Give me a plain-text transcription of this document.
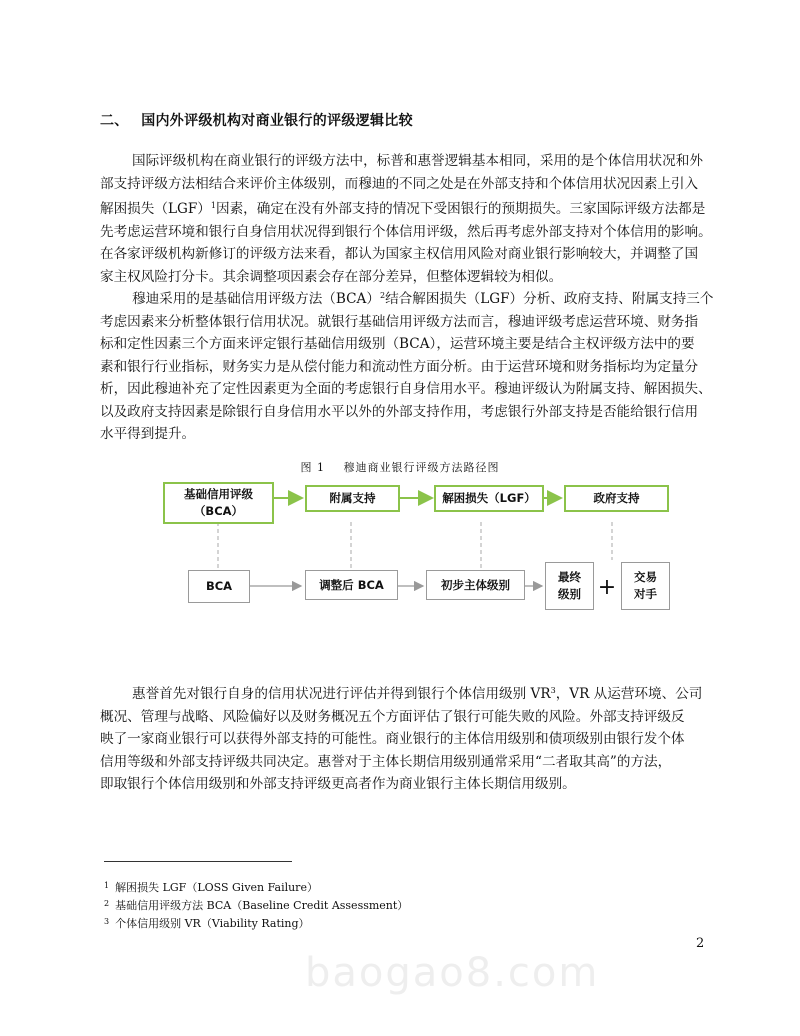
二、 国内外评级机构对商业银行的评级逻辑比较
国际评级机构在商业银行的评级方法中，标普和惠誉逻辑基本相同，采用的是个体信用状况和外
部支持评级方法相结合来评价主体级别，而穆迪的不同之处是在外部支持和个体信用状况因素上引入
解困损失（LGF）$^1$因素，确定在没有外部支持的情况下受困银行的预期损失。三家国际评级方法都是
先考虑运营环境和银行自身信用状况得到银行个体信用评级，然后再考虑外部支持对个体信用的影响。
在各家评级机构新修订的评级方法来看，都认为国家主权信用风险对商业银行影响较大，并调整了国
家主权风险打分卡。其余调整项因素会存在部分差异，但整体逻辑较为相似。
穆迪采用的是基础信用评级方法（BCA）$^2$结合解困损失（LGF）分析、政府支持、附属支持三个
考虑因素来分析整体银行信用状况。就银行基础信用评级方法而言，穆迪评级考虑运营环境、财务指
标和定性因素三个方面来评定银行基础信用级别（BCA），运营环境主要是结合主权评级方法中的要
素和银行行业指标，财务实力是从偿付能力和流动性方面分析。由于运营环境和财务指标均为定量分
析，因此穆迪补充了定性因素更为全面的考虑银行自身信用水平。穆迪评级认为附属支持、解困损失、
以及政府支持因素是除银行自身信用水平以外的外部支持作用，考虑银行外部支持是否能给银行信用
水平得到提升。
图 1 穆迪商业银行评级方法路径图
基础信用评级
（BCA）
附属支持	解困损失（LGF）	政府支持
baogao8.com
BCA	调整后 BCA	初步主体级别
最终
级别 + 交易
对手
惠誉首先对银行自身的信用状况进行评估并得到银行个体信用级别 $VR^3$，VR 从运营环境、公司
概况、管理与战略、风险偏好以及财务概况五个方面评估了银行可能失败的风险。外部支持评级反
映了一家商业银行可以获得外部支持的可能性。商业银行的主体信用级别和债项级别由银行发个体
信用等级和外部支持评级共同决定。惠誉对于主体长期信用级别通常采用“二者取其高”的方法，
即取银行个体信用级别和外部支持评级更高者作为商业银行主体长期信用级别。
$^1$ 解困损失 LGF（LOSS Given Failure）
$^2$ 基础信用评级方法 BCA（Baseline Credit Assessment）
$^3$ 个体信用级别 VR（Viability Rating）
2
